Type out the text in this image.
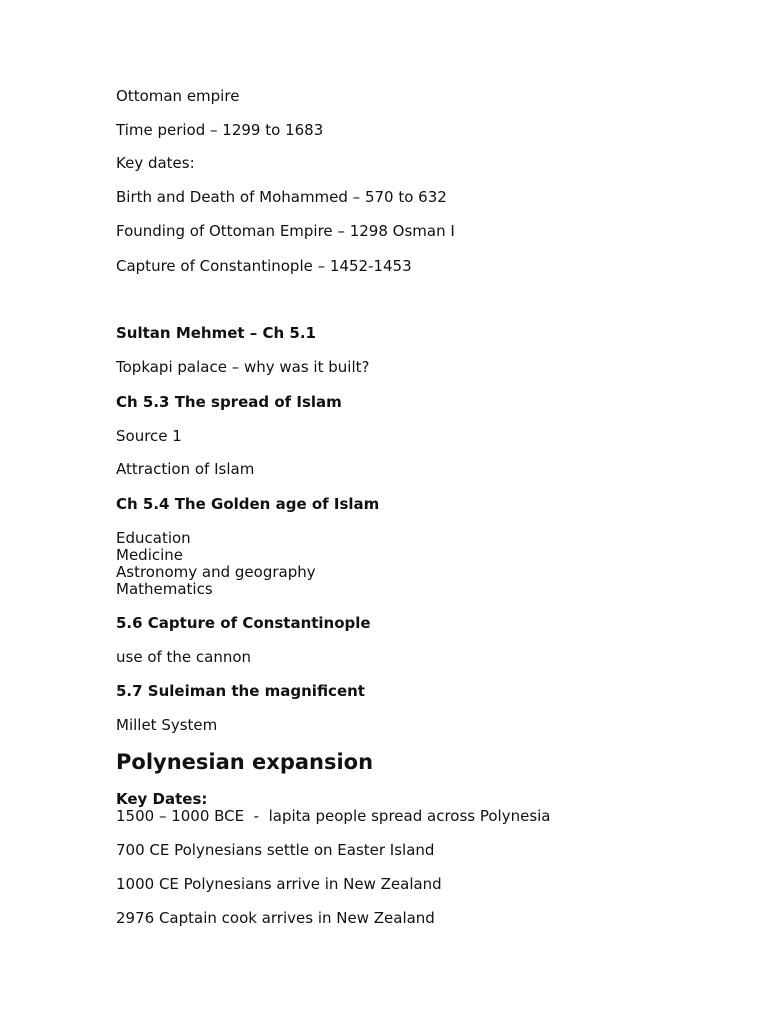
Ottoman empire

Time period – 1299 to 1683

Key dates:

Birth and Death of Mohammed – 570 to 632

Founding of Ottoman Empire – 1298 Osman I

Capture of Constantinople – 1452-1453

Sultan Mehmet – Ch 5.1

Topkapi palace – why was it built?

Ch 5.3 The spread of Islam

Source 1

Attraction of Islam

Ch 5.4 The Golden age of Islam

Education

Medicine

Astronomy and geography

Mathematics

5.6 Capture of Constantinople

use of the cannon

5.7 Suleiman the magnificent

Millet System

Polynesian expansion

Key Dates:

1500 – 1000 BCE  -  lapita people spread across Polynesia

700 CE Polynesians settle on Easter Island

1000 CE Polynesians arrive in New Zealand

2976 Captain cook arrives in New Zealand
